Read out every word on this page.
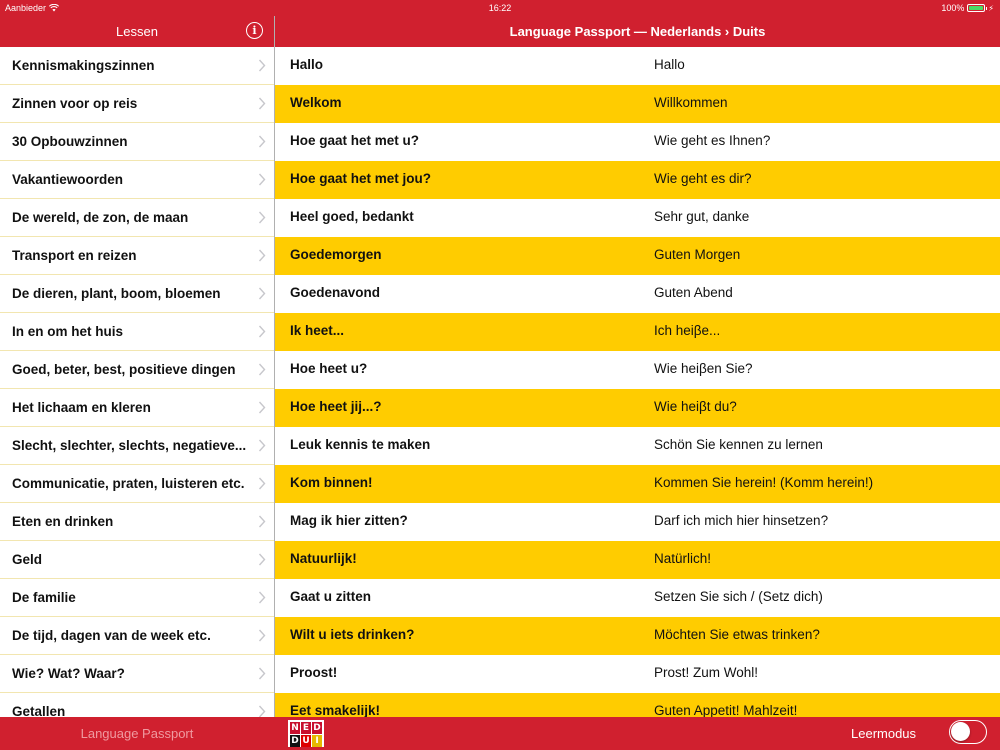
Aanbieder	16:22	100%	⚡
Lessen	i	Language Passport — Nederlands › Duits
Kennismakingszinnen
Zinnen voor op reis
30 Opbouwzinnen
Vakantiewoorden
De wereld, de zon, de maan
Transport en reizen
De dieren, plant, boom, bloemen
In en om het huis
Goed, beter, best, positieve dingen
Het lichaam en kleren
Slecht, slechter, slechts, negatieve...
Communicatie, praten, luisteren etc.
Eten en drinken
Geld
De familie
De tijd, dagen van de week etc.
Wie? Wat? Waar?
Getallen
Hallo	Hallo
Welkom	Willkommen
Hoe gaat het met u?	Wie geht es Ihnen?
Hoe gaat het met jou?	Wie geht es dir?
Heel goed, bedankt	Sehr gut, danke
Goedemorgen	Guten Morgen
Goedenavond	Guten Abend
Ik heet...	Ich heiβe...
Hoe heet u?	Wie heiβen Sie?
Hoe heet jij...?	Wie heiβt du?
Leuk kennis te maken	Schön Sie kennen zu lernen
Kom binnen!	Kommen Sie herein! (Komm herein!)
Mag ik hier zitten?	Darf ich mich hier hinsetzen?
Natuurlijk!	Natürlich!
Gaat u zitten	Setzen Sie sich / (Setz dich)
Wilt u iets drinken?	Möchten Sie etwas trinken?
Proost!	Prost! Zum Wohl!
Eet smakelijk!	Guten Appetit! Mahlzeit!
Language Passport	N E D
D U I	Leermodus
